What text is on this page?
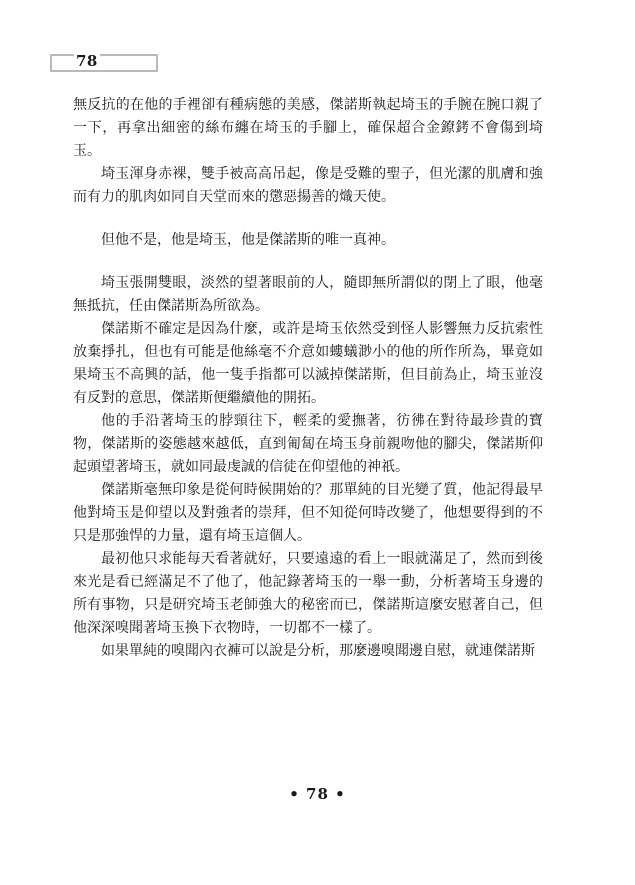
78

無反抗的在他的手裡卻有種病態的美感，傑諾斯執起埼玉的手腕在腕口親了一下，再拿出細密的絲布纏在埼玉的手腳上，確保超合金鐐銬不會傷到埼玉。

埼玉渾身赤裸，雙手被高高吊起，像是受難的聖子，但光潔的肌膚和強而有力的肌肉如同自天堂而來的懲惡揚善的熾天使。

但他不是，他是埼玉，他是傑諾斯的唯一真神。

埼玉張開雙眼，淡然的望著眼前的人，隨即無所謂似的閉上了眼，他毫無抵抗，任由傑諾斯為所欲為。

傑諾斯不確定是因為什麼，或許是埼玉依然受到怪人影響無力反抗索性放棄掙扎，但也有可能是他絲毫不介意如螻蟻渺小的他的所作所為，畢竟如果埼玉不高興的話，他一隻手指都可以滅掉傑諾斯，但目前為止，埼玉並沒有反對的意思，傑諾斯便繼續他的開拓。

他的手沿著埼玉的脖頸往下，輕柔的愛撫著，彷彿在對待最珍貴的寶物，傑諾斯的姿態越來越低，直到匍匐在埼玉身前親吻他的腳尖，傑諾斯仰起頭望著埼玉，就如同最虔誠的信徒在仰望他的神祇。

傑諾斯毫無印象是從何時候開始的？那單純的目光變了質，他記得最早他對埼玉是仰望以及對強者的崇拜，但不知從何時改變了，他想要得到的不只是那強悍的力量，還有埼玉這個人。

最初他只求能每天看著就好，只要遠遠的看上一眼就滿足了，然而到後來光是看已經滿足不了他了，他記錄著埼玉的一舉一動，分析著埼玉身邊的所有事物，只是研究埼玉老師強大的秘密而已，傑諾斯這麼安慰著自己，但他深深嗅聞著埼玉換下衣物時，一切都不一樣了。

如果單純的嗅聞內衣褲可以說是分析，那麼邊嗅聞邊自慰，就連傑諾斯

• 78 •
